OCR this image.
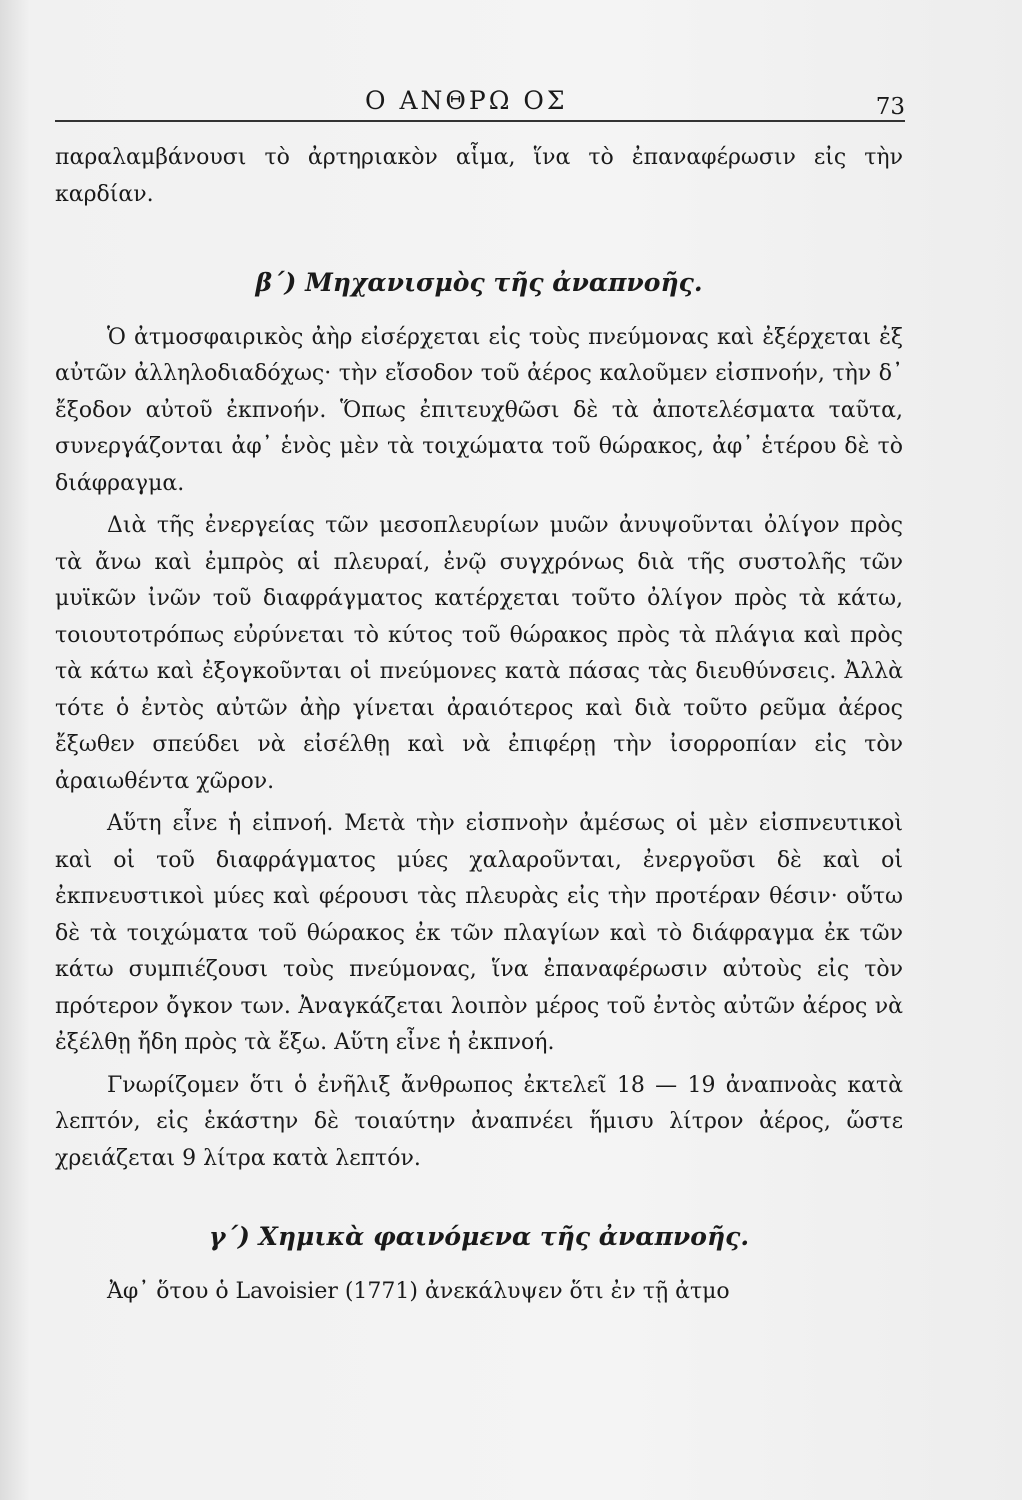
Ο ΑΝΘΡΩ ΟΣ	73

παραλαμβάνουσι τὸ ἀρτηριακὸν αἷμα, ἵνα τὸ ἐπαναφέρωσιν εἰς τὴν καρδίαν.

β΄) Μηχανισμὸς τῆς ἀναπνοῆς.

Ὁ ἀτμοσφαιρικὸς ἀὴρ εἰσέρχεται εἰς τοὺς πνεύμονας καὶ ἐξέρχεται ἐξ αὐτῶν ἀλληλοδιαδόχως· τὴν εἴσοδον τοῦ ἀέρος καλοῦμεν εἰσπνοήν, τὴν δ᾽ ἔξοδον αὐτοῦ ἐκπνοήν. Ὅπως ἐπιτευχθῶσι δὲ τὰ ἀποτελέσματα ταῦτα, συνεργάζονται ἀφ᾽ ἑνὸς μὲν τὰ τοιχώματα τοῦ θώρακος, ἀφ᾽ ἑτέρου δὲ τὸ διάφραγμα.

Διὰ τῆς ἐνεργείας τῶν μεσοπλευρίων μυῶν ἀνυψοῦνται ὀλίγον πρὸς τὰ ἄνω καὶ ἐμπρὸς αἱ πλευραί, ἐνῷ συγχρόνως διὰ τῆς συστολῆς τῶν μυϊκῶν ἰνῶν τοῦ διαφράγματος κατέρχεται τοῦτο ὀλίγον πρὸς τὰ κάτω, τοιουτοτρόπως εὐρύνεται τὸ κύτος τοῦ θώρακος πρὸς τὰ πλάγια καὶ πρὸς τὰ κάτω καὶ ἐξογκοῦνται οἱ πνεύμονες κατὰ πάσας τὰς διευθύνσεις. Ἀλλὰ τότε ὁ ἐντὸς αὐτῶν ἀὴρ γίνεται ἀραιότερος καὶ διὰ τοῦτο ρεῦμα ἀέρος ἔξωθεν σπεύδει νὰ εἰσέλθῃ καὶ νὰ ἐπιφέρῃ τὴν ἰσορροπίαν εἰς τὸν ἀραιωθέντα χῶρον.

Αὕτη εἶνε ἡ εἰπνοή. Μετὰ τὴν εἰσπνοὴν ἀμέσως οἱ μὲν εἰσπνευτικοὶ καὶ οἱ τοῦ διαφράγματος μύες χαλαροῦνται, ἐνεργοῦσι δὲ καὶ οἱ ἐκπνευστικοὶ μύες καὶ φέρουσι τὰς πλευρὰς εἰς τὴν προτέραν θέσιν· οὕτω δὲ τὰ τοιχώματα τοῦ θώρακος ἐκ τῶν πλαγίων καὶ τὸ διάφραγμα ἐκ τῶν κάτω συμπιέζουσι τοὺς πνεύμονας, ἵνα ἐπαναφέρωσιν αὐτοὺς εἰς τὸν πρότερον ὄγκον των. Ἀναγκάζεται λοιπὸν μέρος τοῦ ἐντὸς αὐτῶν ἀέρος νὰ ἐξέλθῃ ἤδη πρὸς τὰ ἔξω. Αὕτη εἶνε ἡ ἐκπνοή.

Γνωρίζομεν ὅτι ὁ ἐνῆλιξ ἄνθρωπος ἐκτελεῖ 18 — 19 ἀναπνοὰς κατὰ λεπτόν, εἰς ἑκάστην δὲ τοιαύτην ἀναπνέει ἥμισυ λίτρον ἀέρος, ὥστε χρειάζεται 9 λίτρα κατὰ λεπτόν.

γ΄) Χημικὰ φαινόμενα τῆς ἀναπνοῆς.

Ἀφ᾽ ὅτου ὁ Lavoisier (1771) ἀνεκάλυψεν ὅτι ἐν τῇ ἀτμο
